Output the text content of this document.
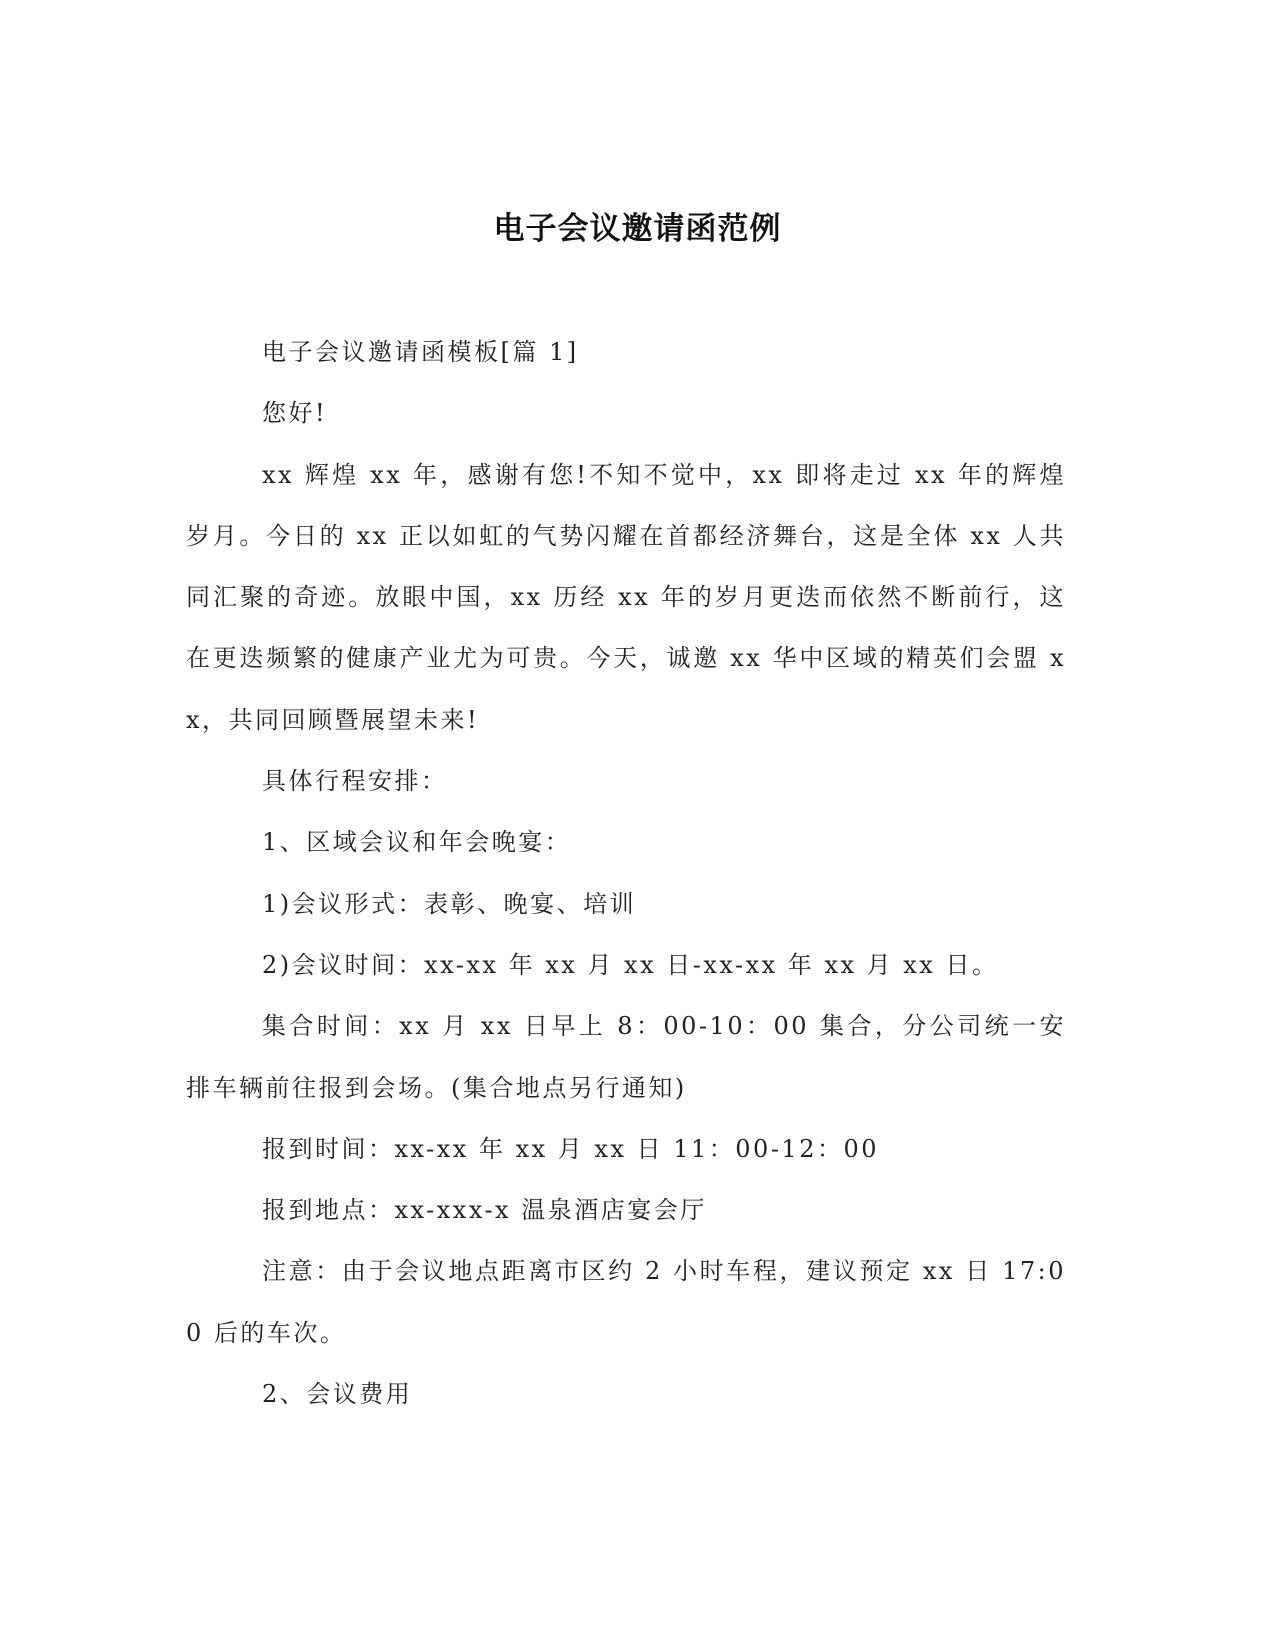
电子会议邀请函范例

电子会议邀请函模板[篇 1]

您好!

xx 辉煌 xx 年，感谢有您!不知不觉中，xx 即将走过 xx 年的辉煌岁月。今日的 xx 正以如虹的气势闪耀在首都经济舞台，这是全体 xx 人共同汇聚的奇迹。放眼中国，xx 历经 xx 年的岁月更迭而依然不断前行，这在更迭频繁的健康产业尤为可贵。今天，诚邀 xx 华中区域的精英们会盟 xx，共同回顾暨展望未来!

具体行程安排：

1、区域会议和年会晚宴：

1)会议形式：表彰、晚宴、培训

2)会议时间：xx-xx 年 xx 月 xx 日-xx-xx 年 xx 月 xx 日。

集合时间：xx 月 xx 日早上 8：00-10：00 集合，分公司统一安排车辆前往报到会场。(集合地点另行通知)

报到时间：xx-xx 年 xx 月 xx 日 11：00-12：00

报到地点：xx-xxx-x 温泉酒店宴会厅

注意：由于会议地点距离市区约 2 小时车程，建议预定 xx 日 17:00 后的车次。

2、会议费用
